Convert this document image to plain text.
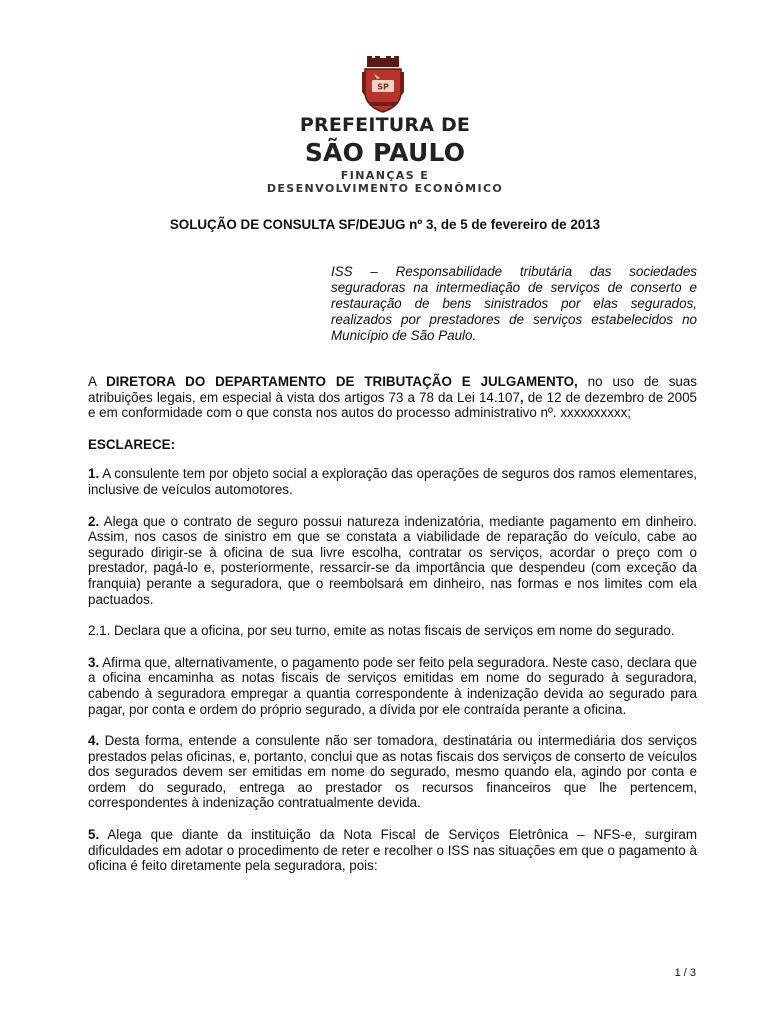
SP
PREFEITURA DE
SÃO PAULO
FINANÇAS E
DESENVOLVIMENTO ECONÔMICO
SOLUÇÃO DE CONSULTA SF/DEJUG nº 3, de 5 de fevereiro de 2013
ISS – Responsabilidade tributária das sociedades seguradoras na intermediação de serviços de conserto e restauração de bens sinistrados por elas segurados, realizados por prestadores de serviços estabelecidos no Município de São Paulo.

A DIRETORA DO DEPARTAMENTO DE TRIBUTAÇÃO E JULGAMENTO, no uso de suas atribuições legais, em especial à vista dos artigos 73 a 78 da Lei 14.107, de 12 de dezembro de 2005 e em conformidade com o que consta nos autos do processo administrativo nº. xxxxxxxxxx;

ESCLARECE:

1. A consulente tem por objeto social a exploração das operações de seguros dos ramos elementares, inclusive de veículos automotores.

2. Alega que o contrato de seguro possui natureza indenizatória, mediante pagamento em dinheiro. Assim, nos casos de sinistro em que se constata a viabilidade de reparação do veículo, cabe ao segurado dirigir-se à oficina de sua livre escolha, contratar os serviços, acordar o preço com o prestador, pagá-lo e, posteriormente, ressarcir-se da importância que despendeu (com exceção da franquia) perante a seguradora, que o reembolsará em dinheiro, nas formas e nos limites com ela pactuados.

2.1. Declara que a oficina, por seu turno, emite as notas fiscais de serviços em nome do segurado.

3. Afirma que, alternativamente, o pagamento pode ser feito pela seguradora. Neste caso, declara que a oficina encaminha as notas fiscais de serviços emitidas em nome do segurado à seguradora, cabendo à seguradora empregar a quantia correspondente à indenização devida ao segurado para pagar, por conta e ordem do próprio segurado, a dívida por ele contraída perante a oficina.

4. Desta forma, entende a consulente não ser tomadora, destinatária ou intermediária dos serviços prestados pelas oficinas, e, portanto, conclui que as notas fiscais dos serviços de conserto de veículos dos segurados devem ser emitidas em nome do segurado, mesmo quando ela, agindo por conta e ordem do segurado, entrega ao prestador os recursos financeiros que lhe pertencem, correspondentes à indenização contratualmente devida.

5. Alega que diante da instituição da Nota Fiscal de Serviços Eletrônica – NFS-e, surgiram dificuldades em adotar o procedimento de reter e recolher o ISS nas situações em que o pagamento à oficina é feito diretamente pela seguradora, pois:

1 / 3
